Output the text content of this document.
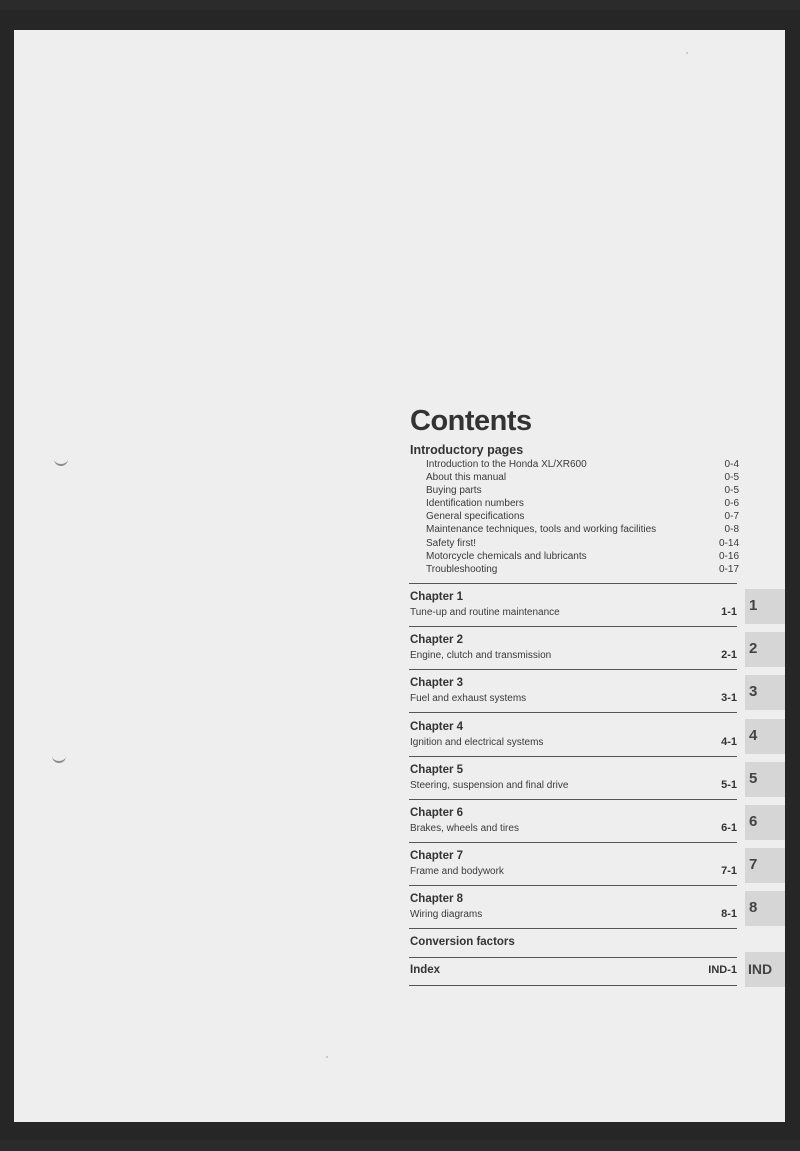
Contents
Introductory pages
Introduction to the Honda XL/XR600	0-4
About this manual	0-5
Buying parts	0-5
Identification numbers	0-6
General specifications	0-7
Maintenance techniques, tools and working facilities	0-8
Safety first!	0-14
Motorcycle chemicals and lubricants	0-16
Troubleshooting	0-17
Chapter 1
Tune-up and routine maintenance	1-1 1
Chapter 2
Engine, clutch and transmission	2-1 2
Chapter 3
Fuel and exhaust systems	3-1 3
Chapter 4
Ignition and electrical systems	4-1 4
Chapter 5
Steering, suspension and final drive	5-1 5
Chapter 6
Brakes, wheels and tires	6-1 6
Chapter 7
Frame and bodywork	7-1 7
Chapter 8
Wiring diagrams	8-1 8
Conversion factors
Index	IND-1 IND
